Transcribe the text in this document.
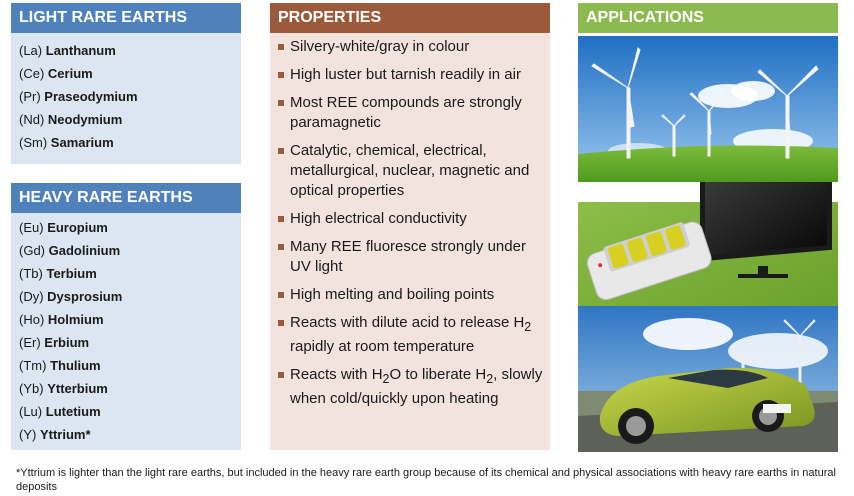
LIGHT RARE EARTHS
(La) Lanthanum
(Ce) Cerium
(Pr) Praseodymium
(Nd) Neodymium
(Sm) Samarium
HEAVY RARE EARTHS
(Eu) Europium
(Gd) Gadolinium
(Tb) Terbium
(Dy) Dysprosium
(Ho) Holmium
(Er) Erbium
(Tm) Thulium
(Yb) Ytterbium
(Lu) Lutetium
(Y) Yttrium*
PROPERTIES
Silvery-white/gray in colour
High luster but tarnish readily in air
Most REE compounds are strongly paramagnetic
Catalytic, chemical, electrical, metallurgical, nuclear, magnetic and optical properties
High electrical conductivity
Many REE fluoresce strongly under UV light
High melting and boiling points
Reacts with dilute acid to release $H_2$ rapidly at room temperature
Reacts with $H_2O$ to liberate $H_2$, slowly when cold/quickly upon heating
APPLICATIONS
*Yttrium is lighter than the light rare earths, but included in the heavy rare earth group because of its chemical and physical associations with heavy rare earths in natural deposits
